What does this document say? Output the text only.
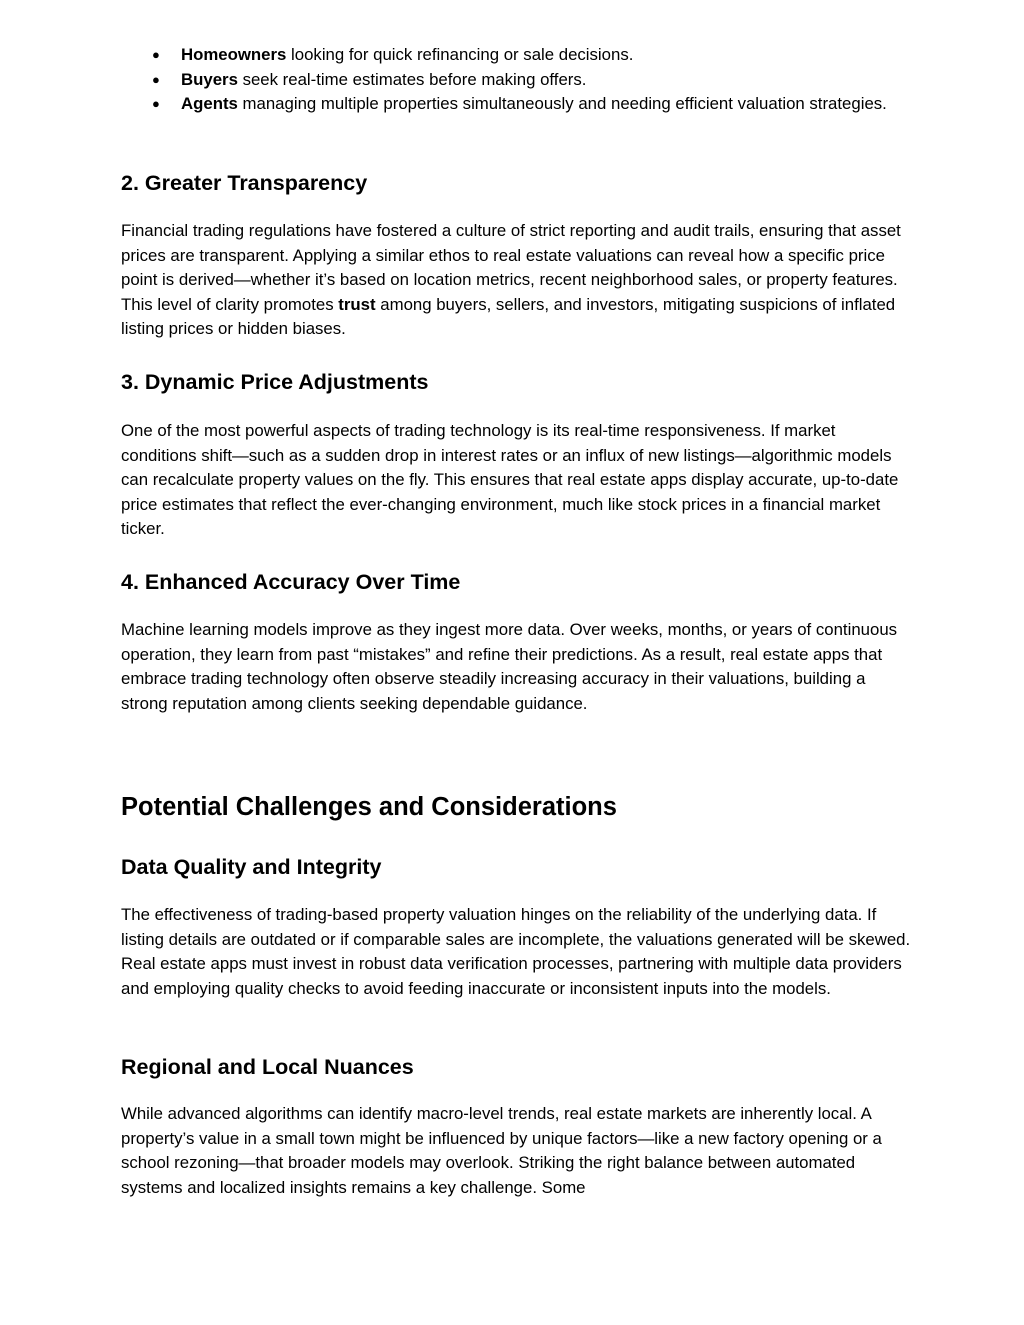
● Homeowners looking for quick refinancing or sale decisions.
● Buyers seek real-time estimates before making offers.
● Agents managing multiple properties simultaneously and needing efficient valuation strategies.
2. Greater Transparency

Financial trading regulations have fostered a culture of strict reporting and audit trails, ensuring that asset prices are transparent. Applying a similar ethos to real estate valuations can reveal how a specific price point is derived—whether it’s based on location metrics, recent neighborhood sales, or property features. This level of clarity promotes trust among buyers, sellers, and investors, mitigating suspicions of inflated listing prices or hidden biases.

3. Dynamic Price Adjustments

One of the most powerful aspects of trading technology is its real-time responsiveness. If market conditions shift—such as a sudden drop in interest rates or an influx of new listings—algorithmic models can recalculate property values on the fly. This ensures that real estate apps display accurate, up-to-date price estimates that reflect the ever-changing environment, much like stock prices in a financial market ticker.

4. Enhanced Accuracy Over Time

Machine learning models improve as they ingest more data. Over weeks, months, or years of continuous operation, they learn from past “mistakes” and refine their predictions. As a result, real estate apps that embrace trading technology often observe steadily increasing accuracy in their valuations, building a strong reputation among clients seeking dependable guidance.

Potential Challenges and Considerations
Data Quality and Integrity

The effectiveness of trading-based property valuation hinges on the reliability of the underlying data. If listing details are outdated or if comparable sales are incomplete, the valuations generated will be skewed. Real estate apps must invest in robust data verification processes, partnering with multiple data providers and employing quality checks to avoid feeding inaccurate or inconsistent inputs into the models.

Regional and Local Nuances

While advanced algorithms can identify macro-level trends, real estate markets are inherently local. A property’s value in a small town might be influenced by unique factors—like a new factory opening or a school rezoning—that broader models may overlook. Striking the right balance between automated systems and localized insights remains a key challenge. Some
